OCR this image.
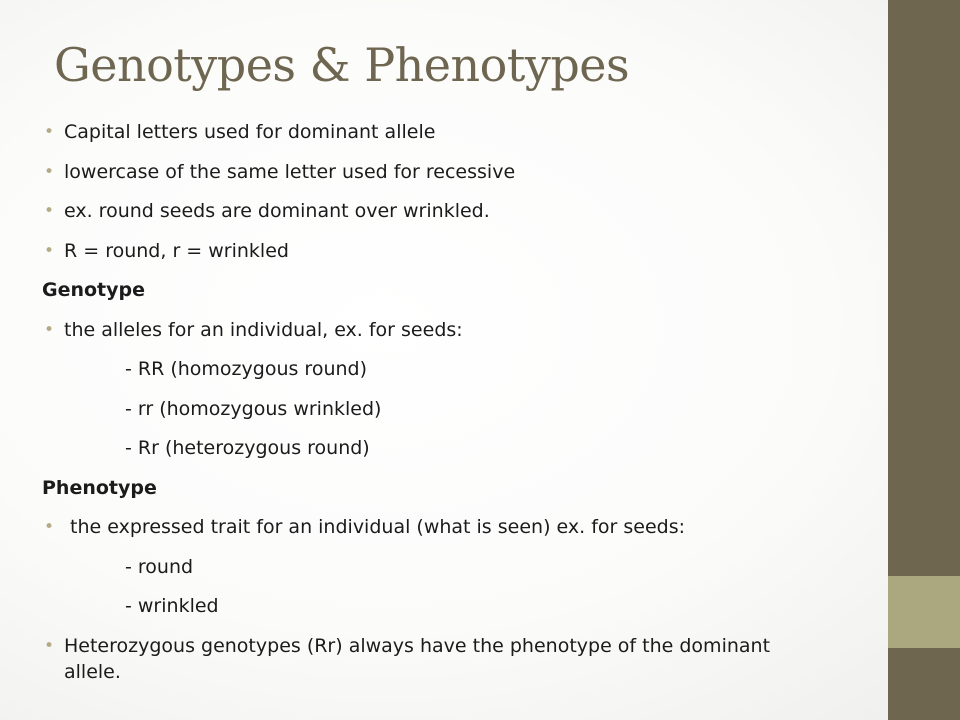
Genotypes & Phenotypes
• Capital letters used for dominant allele
• lowercase of the same letter used for recessive
• ex. round seeds are dominant over wrinkled.
• R = round, r = wrinkled
Genotype
• the alleles for an individual, ex. for seeds:
- RR (homozygous round)
- rr (homozygous wrinkled)
- Rr (heterozygous round)
Phenotype
• the expressed trait for an individual (what is seen) ex. for seeds:
- round
- wrinkled
• Heterozygous genotypes (Rr) always have the phenotype of the dominant allele.
